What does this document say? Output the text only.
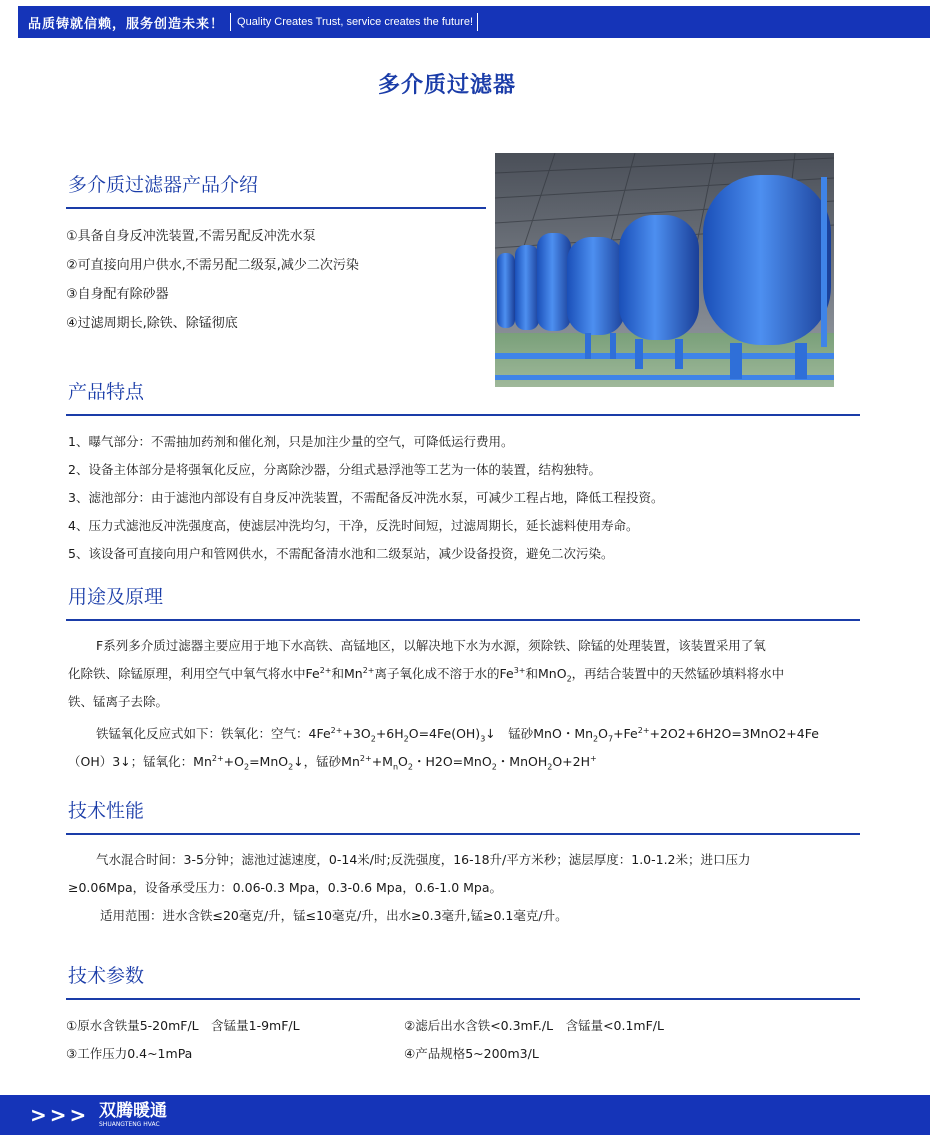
品质铸就信赖，服务创造未来！ Quality Creates Trust, service creates the future!
多介质过滤器
多介质过滤器产品介绍
①具备自身反冲洗装置,不需另配反冲洗水泵
②可直接向用户供水,不需另配二级泵,减少二次污染
③自身配有除砂器
④过滤周期长,除铁、除锰彻底
产品特点
1、曝气部分：不需抽加药剂和催化剂，只是加注少量的空气，可降低运行费用。
2、设备主体部分是将强氧化反应，分离除沙器，分组式悬浮池等工艺为一体的装置，结构独特。
3、滤池部分：由于滤池内部设有自身反冲洗装置，不需配备反冲洗水泵，可减少工程占地，降低工程投资。
4、压力式滤池反冲洗强度高，使滤层冲洗均匀，干净，反洗时间短，过滤周期长，延长滤料使用寿命。
5、该设备可直接向用户和管网供水，不需配备清水池和二级泵站，减少设备投资，避免二次污染。
用途及原理
F系列多介质过滤器主要应用于地下水高铁、高锰地区，以解决地下水为水源，须除铁、除锰的处理装置，该装置采用了氧
化除铁、除锰原理，利用空气中氧气将水中$Fe^{2+}$和$Mn^{2+}$离子氧化成不溶于水的$Fe^{3+}$和MnO$_2$，再结合装置中的天然锰砂填料将水中
铁、锰离子去除。
铁锰氧化反应式如下：铁氧化：空气：$4Fe^{2+}+3O_2+6H_2O=4Fe(OH)_3↓$　锰砂MnO・$Mn_2O_7+Fe^{2+}+2O2+6H2O=3MnO2+4Fe$
（OH）3↓；锰氧化：$Mn^{2+}+O_2=MnO_2↓$，锰砂$Mn^{2+}+M_nO_2$・H2O=MnO$_2$・MnOH$_2$O+2H+
技术性能
气水混合时间：3-5分钟；滤池过滤速度，0-14米/时;反洗强度，16-18升/平方米秒；滤层厚度：1.0-1.2米；进口压力
≥0.06Mpa，设备承受压力：0.06-0.3 Mpa，0.3-0.6 Mpa，0.6-1.0 Mpa。
适用范围：进水含铁≤20毫克/升，锰≤10毫克/升，出水≥0.3毫升,锰≥0.1毫克/升。
技术参数
①原水含铁量5-20mF/L　含锰量1-9mF/L	②滤后出水含铁<0.3mF./L　含锰量<0.1mF/L
③工作压力0.4~1mPa	④产品规格5~200m3/L
>>> 双腾暖通
SHUANGTENG HVAC
